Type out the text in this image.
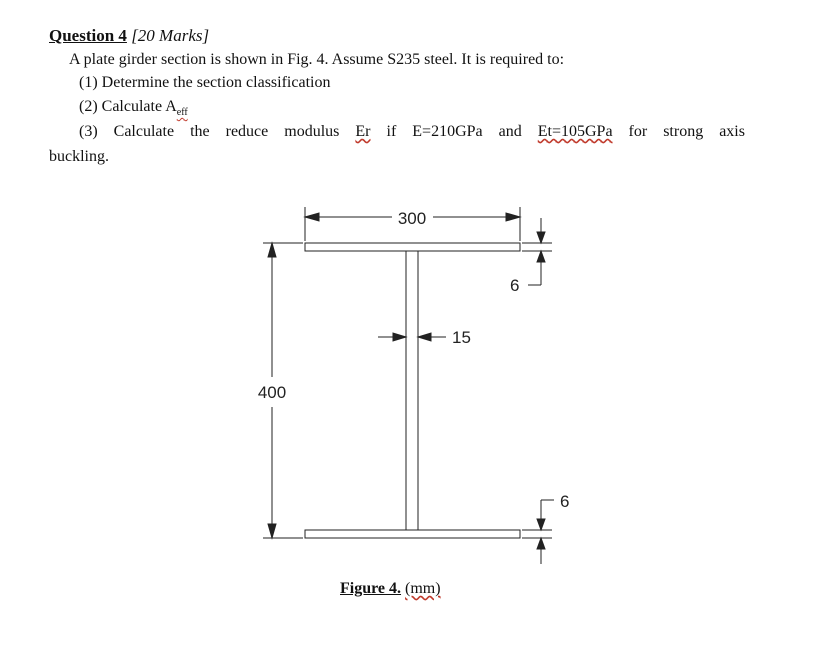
Question 4 [20 Marks]
A plate girder section is shown in Fig. 4. Assume S235 steel. It is required to:
(1) Determine the section classification
(2) Calculate $A_{eff}$
(3) Calculate the reduce modulus Er if E=210GPa and Et=105GPa for strong axis
buckling.
300
400
15
6
6
Figure 4. (mm)
